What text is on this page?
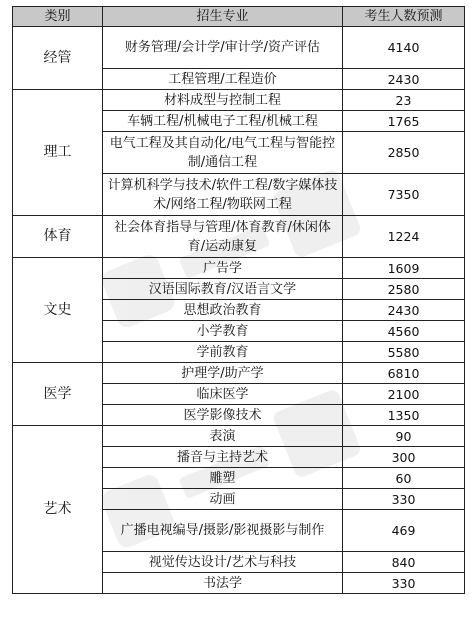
类别	招生专业	考生人数预测
经管	财务管理/会计学/审计学/资产评估	4140
	工程管理/工程造价	2430
理工	材料成型与控制工程	23
	车辆工程/机械电子工程/机械工程	1765
	电气工程及其自动化/电气工程与智能控制/通信工程	2850
	计算机科学与技术/软件工程/数字媒体技术/网络工程/物联网工程	7350
体育	社会体育指导与管理/体育教育/休闲体育/运动康复	1224
文史	广告学	1609
	汉语国际教育/汉语言文学	2580
	思想政治教育	2430
	小学教育	4560
	学前教育	5580
医学	护理学/助产学	6810
	临床医学	2100
	医学影像技术	1350
艺术	表演	90
	播音与主持艺术	300
	雕塑	60
	动画	330
	广播电视编导/摄影/影视摄影与制作	469
	视觉传达设计/艺术与科技	840
	书法学	330
